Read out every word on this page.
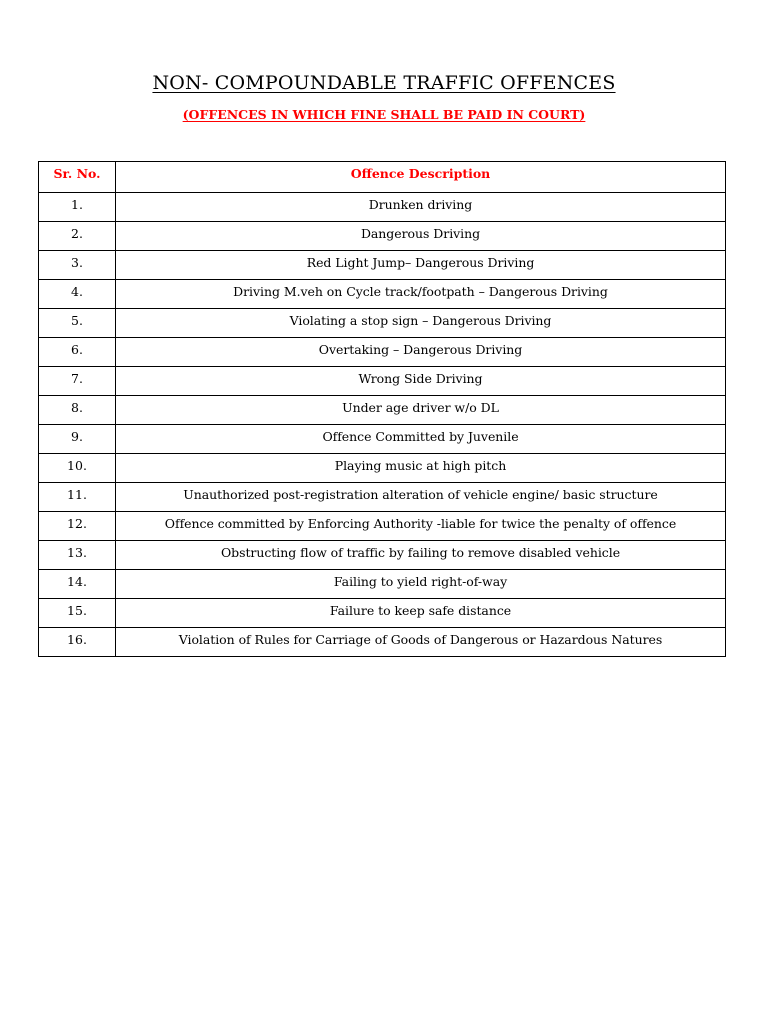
NON- COMPOUNDABLE TRAFFIC OFFENCES

(OFFENCES IN WHICH FINE SHALL BE PAID IN COURT)

Sr. No.	Offence Description
1.	Drunken driving
2.	Dangerous Driving
3.	Red Light Jump– Dangerous Driving
4.	Driving M.veh on Cycle track/footpath – Dangerous Driving
5.	Violating a stop sign – Dangerous Driving
6.	Overtaking – Dangerous Driving
7.	Wrong Side Driving
8.	Under age driver w/o DL
9.	Offence Committed by Juvenile
10.	Playing music at high pitch
11.	Unauthorized post-registration alteration of vehicle engine/ basic structure
12.	Offence committed by Enforcing Authority -liable for twice the penalty of offence
13.	Obstructing flow of traffic by failing to remove disabled vehicle
14.	Failing to yield right-of-way
15.	Failure to keep safe distance
16.	Violation of Rules for Carriage of Goods of Dangerous or Hazardous Natures
